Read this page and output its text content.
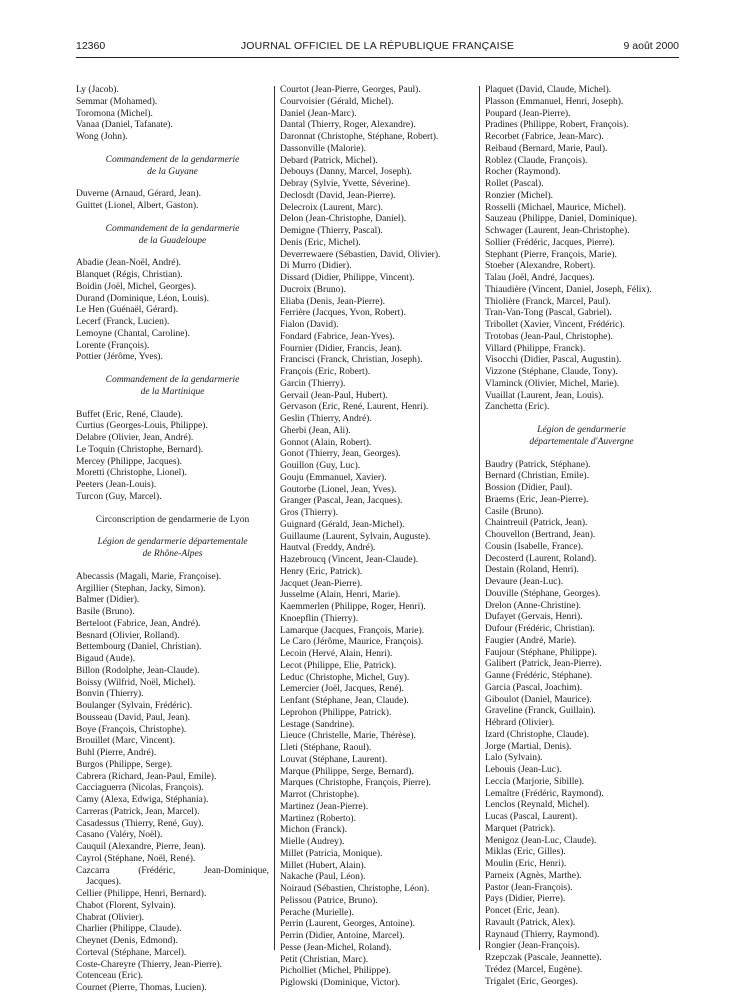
12360	JOURNAL OFFICIEL DE LA RÉPUBLIQUE FRANÇAISE	9 août 2000
Ly (Jacob).
Semmar (Mohamed).
Toromona (Michel).
Vanaa (Daniel, Tafanate).
Wong (John).
Commandement de la gendarmerie
de la Guyane
Duverne (Arnaud, Gérard, Jean).
Guittet (Lionel, Albert, Gaston).
Commandement de la gendarmerie
de la Guadeloupe
Abadie (Jean-Noël, André).
Blanquet (Régis, Christian).
Boidin (Joël, Michel, Georges).
Durand (Dominique, Léon, Louis).
Le Hen (Guénaël, Gérard).
Lecerf (Franck, Lucien).
Lemoyne (Chantal, Caroline).
Lorente (François).
Pottier (Jérôme, Yves).
Commandement de la gendarmerie
de la Martinique
Buffet (Eric, René, Claude).
Curtius (Georges-Louis, Philippe).
Delabre (Olivier, Jean, André).
Le Toquin (Christophe, Bernard).
Mercey (Philippe, Jacques).
Moretti (Christophe, Lionel).
Peeters (Jean-Louis).
Turcon (Guy, Marcel).
Circonscription de gendarmerie de Lyon
Légion de gendarmerie départementale
de Rhône-Alpes
Abecassis (Magali, Marie, Françoise).
Argillier (Stephan, Jacky, Simon).
Balmer (Didier).
Basile (Bruno).
Berteloot (Fabrice, Jean, André).
Besnard (Olivier, Rolland).
Bettembourg (Daniel, Christian).
Bigaud (Aude).
Billon (Rodolphe, Jean-Claude).
Boissy (Wilfrid, Noël, Michel).
Bonvin (Thierry).
Boulanger (Sylvain, Frédéric).
Bousseau (David, Paul, Jean).
Boye (François, Christophe).
Brouillet (Marc, Vincent).
Buhl (Pierre, André).
Burgos (Philippe, Serge).
Cabrera (Richard, Jean-Paul, Emile).
Cacciaguerra (Nicolas, François).
Camy (Alexa, Edwiga, Stéphania).
Carreras (Patrick, Jean, Marcel).
Casadessus (Thierry, René, Guy).
Casano (Valéry, Noël).
Cauquil (Alexandre, Pierre, Jean).
Cayrol (Stéphane, Noël, René).
Cazcarra (Frédéric, Jean-Dominique,
Jacques).
Cellier (Philippe, Henri, Bernard).
Chabot (Florent, Sylvain).
Chabrat (Olivier).
Charlier (Philippe, Claude).
Cheynet (Denis, Edmond).
Corteval (Stéphane, Marcel).
Coste-Chareyre (Thierry, Jean-Pierre).
Cotenceau (Eric).
Cournet (Pierre, Thomas, Lucien).
Courtot (Jean-Pierre, Georges, Paul).
Courvoisier (Gérald, Michel).
Daniel (Jean-Marc).
Dantal (Thierry, Roger, Alexandre).
Daronnat (Christophe, Stéphane, Robert).
Dassonville (Malorie).
Debard (Patrick, Michel).
Debouys (Danny, Marcel, Joseph).
Debray (Sylvie, Yvette, Séverine).
Declosdt (David, Jean-Pierre).
Delecroix (Laurent, Marc).
Delon (Jean-Christophe, Daniel).
Demigne (Thierry, Pascal).
Denis (Eric, Michel).
Deverrewaere (Sébastien, David, Olivier).
Di Murro (Didier).
Dissard (Didier, Philippe, Vincent).
Ducroix (Bruno).
Eliaba (Denis, Jean-Pierre).
Ferrière (Jacques, Yvon, Robert).
Fialon (David).
Fondard (Fabrice, Jean-Yves).
Fournier (Didier, Francis, Jean).
Francisci (Franck, Christian, Joseph).
François (Eric, Robert).
Garcin (Thierry).
Gervail (Jean-Paul, Hubert).
Gervason (Eric, René, Laurent, Henri).
Geslin (Thierry, André).
Gherbi (Jean, Ali).
Gonnot (Alain, Robert).
Gonot (Thierry, Jean, Georges).
Gouillon (Guy, Luc).
Gouju (Emmanuel, Xavier).
Goutorbe (Lionel, Jean, Yves).
Granger (Pascal, Jean, Jacques).
Gros (Thierry).
Guignard (Gérald, Jean-Michel).
Guillaume (Laurent, Sylvain, Auguste).
Hautval (Freddy, André).
Hazebroucq (Vincent, Jean-Claude).
Henry (Eric, Patrick).
Jacquet (Jean-Pierre).
Jusselme (Alain, Henri, Marie).
Kaemmerlen (Philippe, Roger, Henri).
Knoepflin (Thierry).
Lamarque (Jacques, François, Marie).
Le Caro (Jérôme, Maurice, François).
Lecoin (Hervé, Alain, Henri).
Lecot (Philippe, Elie, Patrick).
Leduc (Christophe, Michel, Guy).
Lemercier (Joël, Jacques, René).
Lenfant (Stéphane, Jean, Claude).
Leprohon (Philippe, Patrick).
Lestage (Sandrine).
Lieuce (Christelle, Marie, Thérèse).
Lleti (Stéphane, Raoul).
Louvat (Stéphane, Laurent).
Marque (Philippe, Serge, Bernard).
Marques (Christophe, François, Pierre).
Marrot (Christophe).
Martinez (Jean-Pierre).
Martinez (Roberto).
Michon (Franck).
Mielle (Audrey).
Millet (Patricia, Monique).
Millet (Hubert, Alain).
Nakache (Paul, Léon).
Noiraud (Sébastien, Christophe, Léon).
Pelissou (Patrice, Bruno).
Perache (Murielle).
Perrin (Laurent, Georges, Antoine).
Perrin (Didier, Antoine, Marcel).
Pesse (Jean-Michel, Roland).
Petit (Christian, Marc).
Picholliet (Michel, Philippe).
Piglowski (Dominique, Victor).
Plaquet (David, Claude, Michel).
Plasson (Emmanuel, Henri, Joseph).
Poupard (Jean-Pierre).
Pradines (Philippe, Robert, François).
Recorbet (Fabrice, Jean-Marc).
Reibaud (Bernard, Marie, Paul).
Roblez (Claude, François).
Rocher (Raymond).
Rollet (Pascal).
Ronzier (Michel).
Rosselli (Michael, Maurice, Michel).
Sauzeau (Philippe, Daniel, Dominique).
Schwager (Laurent, Jean-Christophe).
Sollier (Frédéric, Jacques, Pierre).
Stephant (Pierre, François, Marie).
Stoeber (Alexandre, Robert).
Talau (Joël, André, Jacques).
Thiaudière (Vincent, Daniel, Joseph, Félix).
Thiolière (Franck, Marcel, Paul).
Tran-Van-Tong (Pascal, Gabriel).
Tribollet (Xavier, Vincent, Frédéric).
Trotobas (Jean-Paul, Christophe).
Villard (Philippe, Franck).
Visocchi (Didier, Pascal, Augustin).
Vizzone (Stéphane, Claude, Tony).
Vlaminck (Olivier, Michel, Marie).
Vuaillat (Laurent, Jean, Louis).
Zanchetta (Eric).
Légion de gendarmerie
départementale d'Auvergne
Baudry (Patrick, Stéphane).
Bernard (Christian, Emile).
Bossion (Didier, Paul).
Braems (Eric, Jean-Pierre).
Casile (Bruno).
Chaintreuil (Patrick, Jean).
Chouvellon (Bertrand, Jean).
Cousin (Isabelle, France).
Decosterd (Laurent, Roland).
Destain (Roland, Henri).
Devaure (Jean-Luc).
Douville (Stéphane, Georges).
Drelon (Anne-Christine).
Dufayet (Gervais, Henri).
Dufour (Frédéric, Christian).
Faugier (André, Marie).
Faujour (Stéphane, Philippe).
Galibert (Patrick, Jean-Pierre).
Ganne (Frédéric, Stéphane).
Garcia (Pascal, Joachim).
Giboulot (Daniel, Maurice).
Graveline (Franck, Guillain).
Hébrard (Olivier).
Izard (Christophe, Claude).
Jorge (Martial, Denis).
Lalo (Sylvain).
Lebouis (Jean-Luc).
Leccia (Marjorie, Sibille).
Lemaître (Frédéric, Raymond).
Lenclos (Reynald, Michel).
Lucas (Pascal, Laurent).
Marquet (Patrick).
Menigoz (Jean-Luc, Claude).
Miklas (Eric, Gilles).
Moulin (Eric, Henri).
Parneix (Agnès, Marthe).
Pastor (Jean-François).
Pays (Didier, Pierre).
Poncet (Eric, Jean).
Ravault (Patrick, Alex).
Raynaud (Thierry, Raymond).
Rongier (Jean-François).
Rzepczak (Pascale, Jeannette).
Trédez (Marcel, Eugène).
Trigalet (Eric, Georges).
